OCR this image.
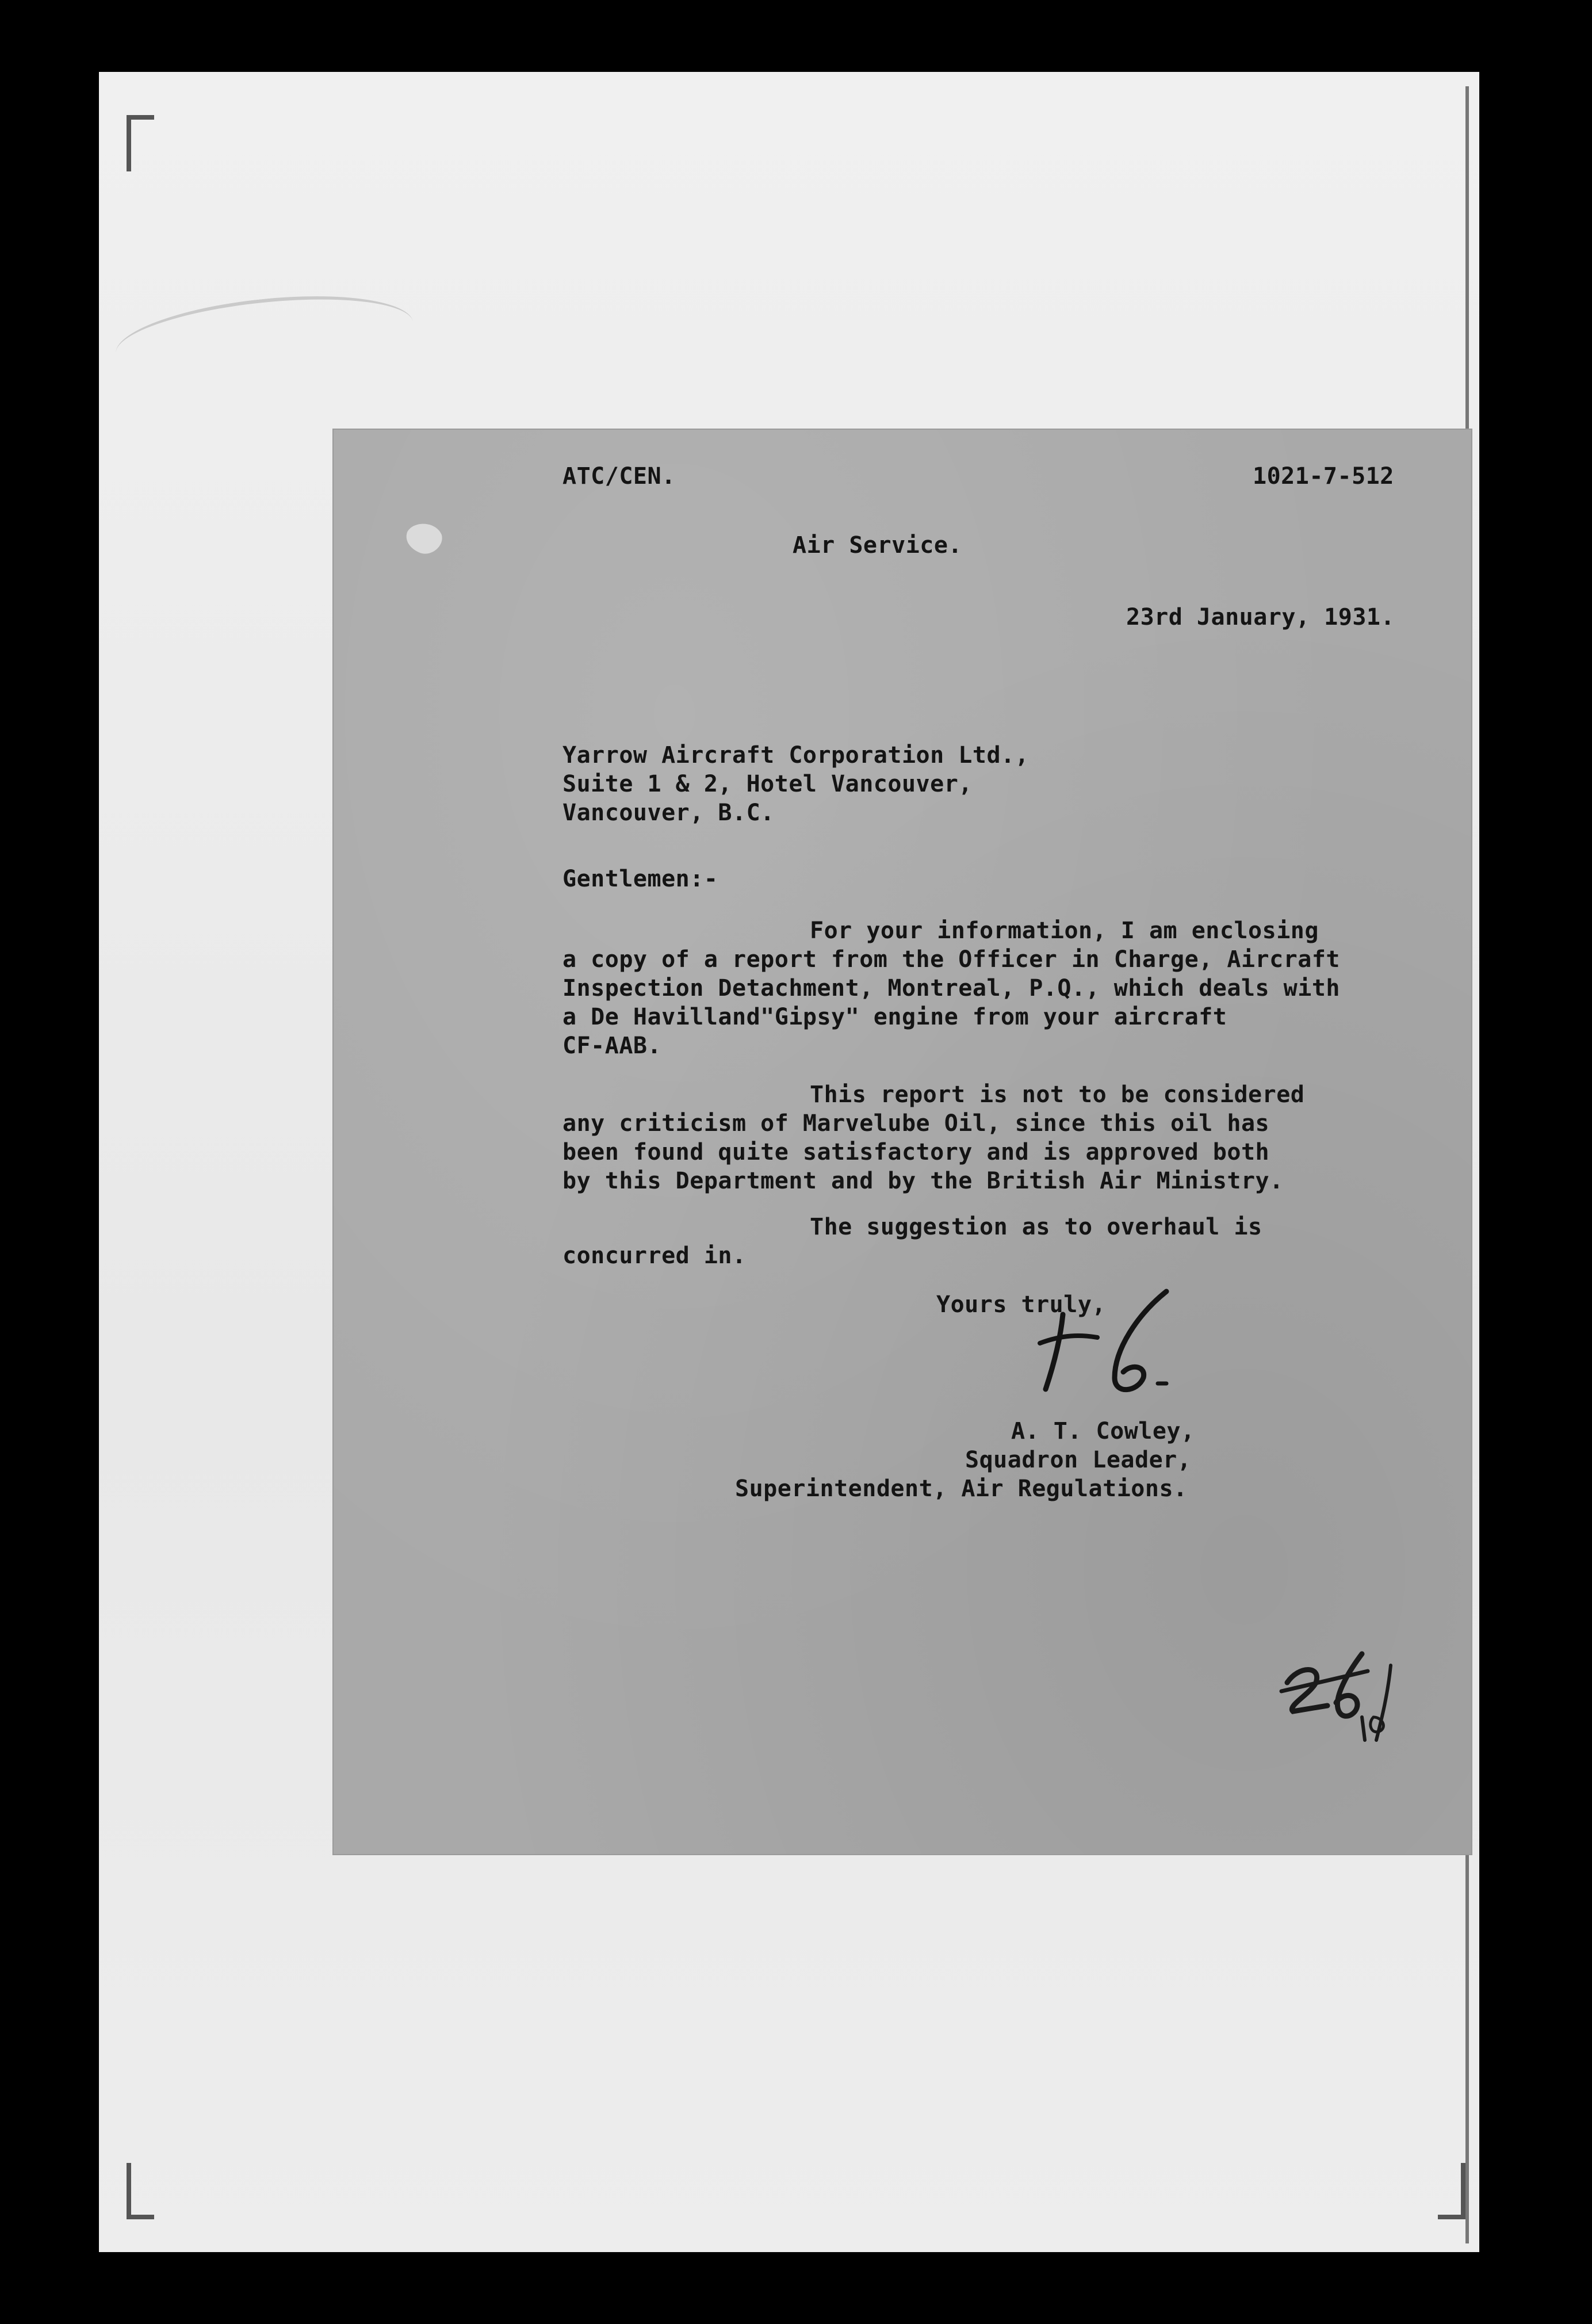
ATC/CEN.	1021-7-512
Air Service.
23rd January, 1931.
Yarrow Aircraft Corporation Ltd.,
Suite 1 & 2, Hotel Vancouver,
Vancouver, B.C.
Gentlemen:-
For your information, I am enclosing
a copy of a report from the Officer in Charge, Aircraft
Inspection Detachment, Montreal, P.Q., which deals with
a De Havilland"Gipsy" engine from your aircraft
CF-AAB.
This report is not to be considered
any criticism of Marvelube Oil, since this oil has
been found quite satisfactory and is approved both
by this Department and by the British Air Ministry.
The suggestion as to overhaul is
concurred in.
Yours truly,
A. T. Cowley,
Squadron Leader,
Superintendent, Air Regulations.
